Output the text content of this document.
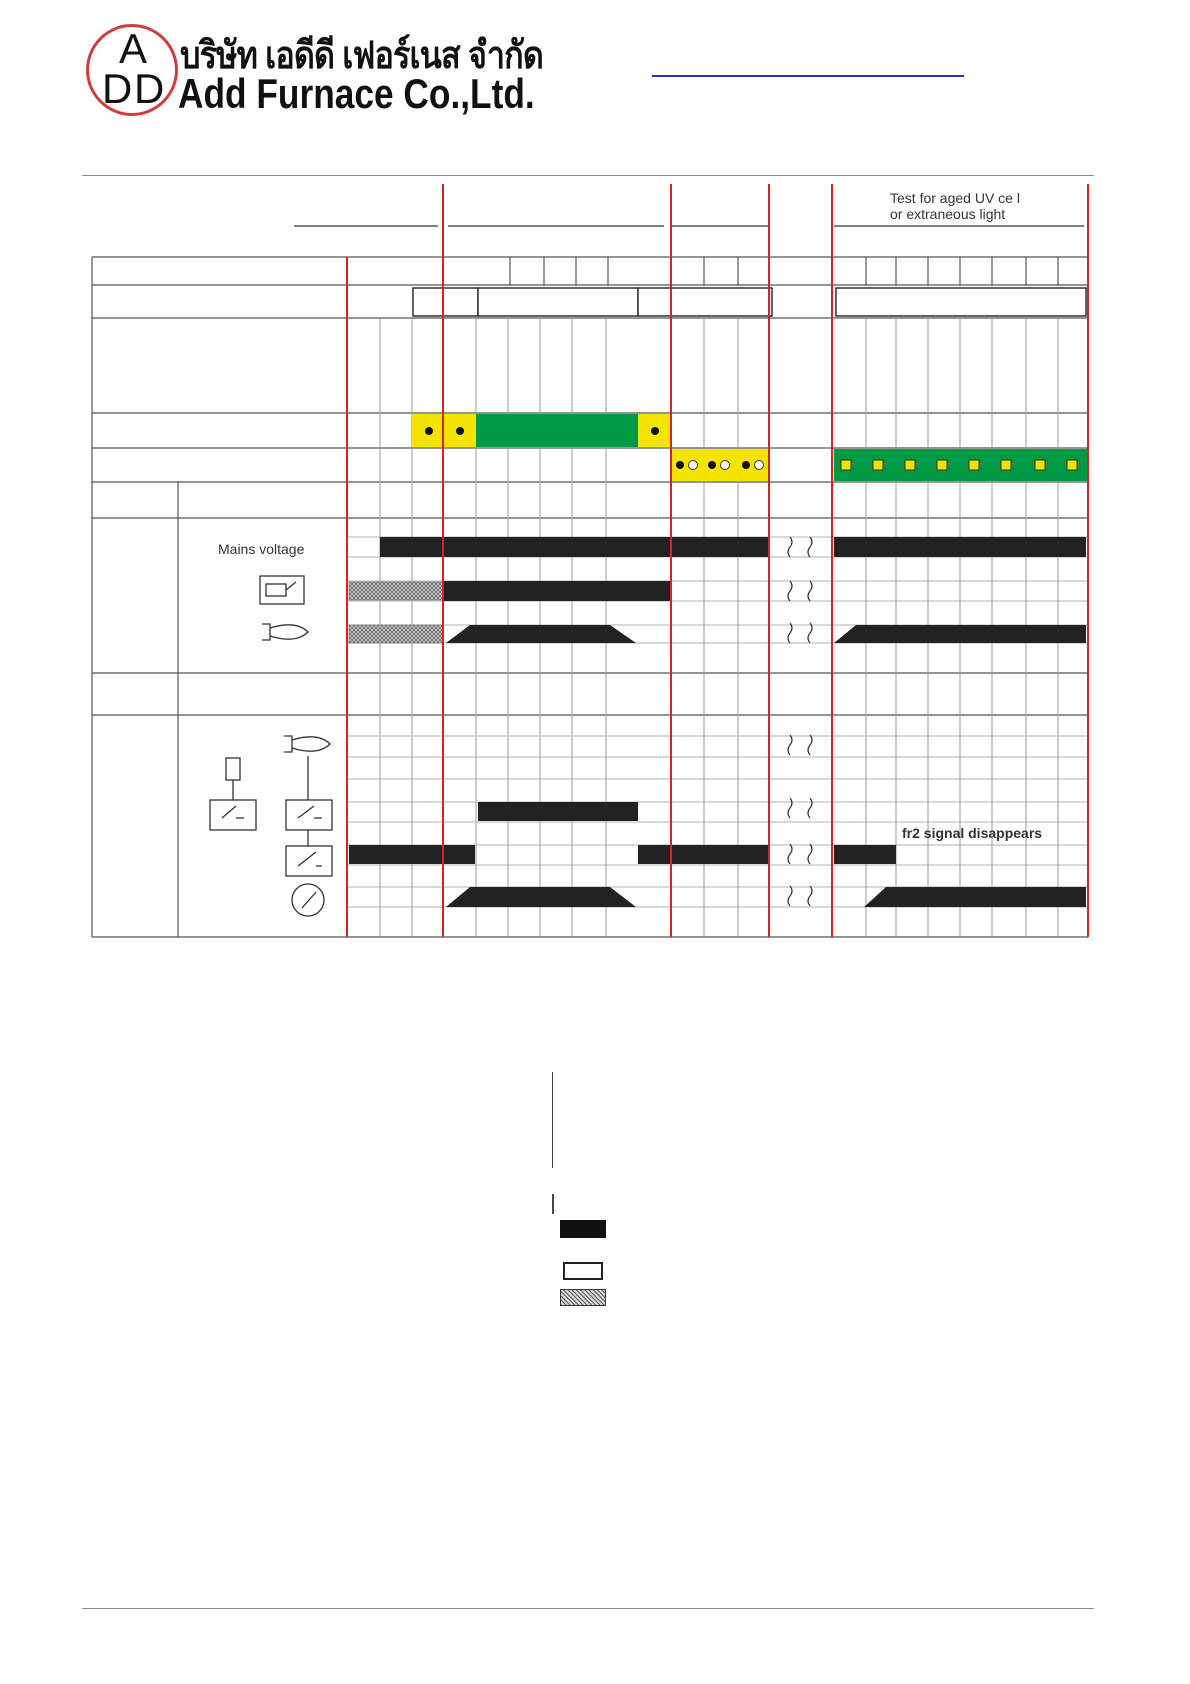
A
D D
บริษัท เอดีดี เฟอร์เนส จำกัด
Add Furnace Co.,Ltd.
Test for aged UV ce l
or extraneous light
Mains voltage
fr2 signal disappears
